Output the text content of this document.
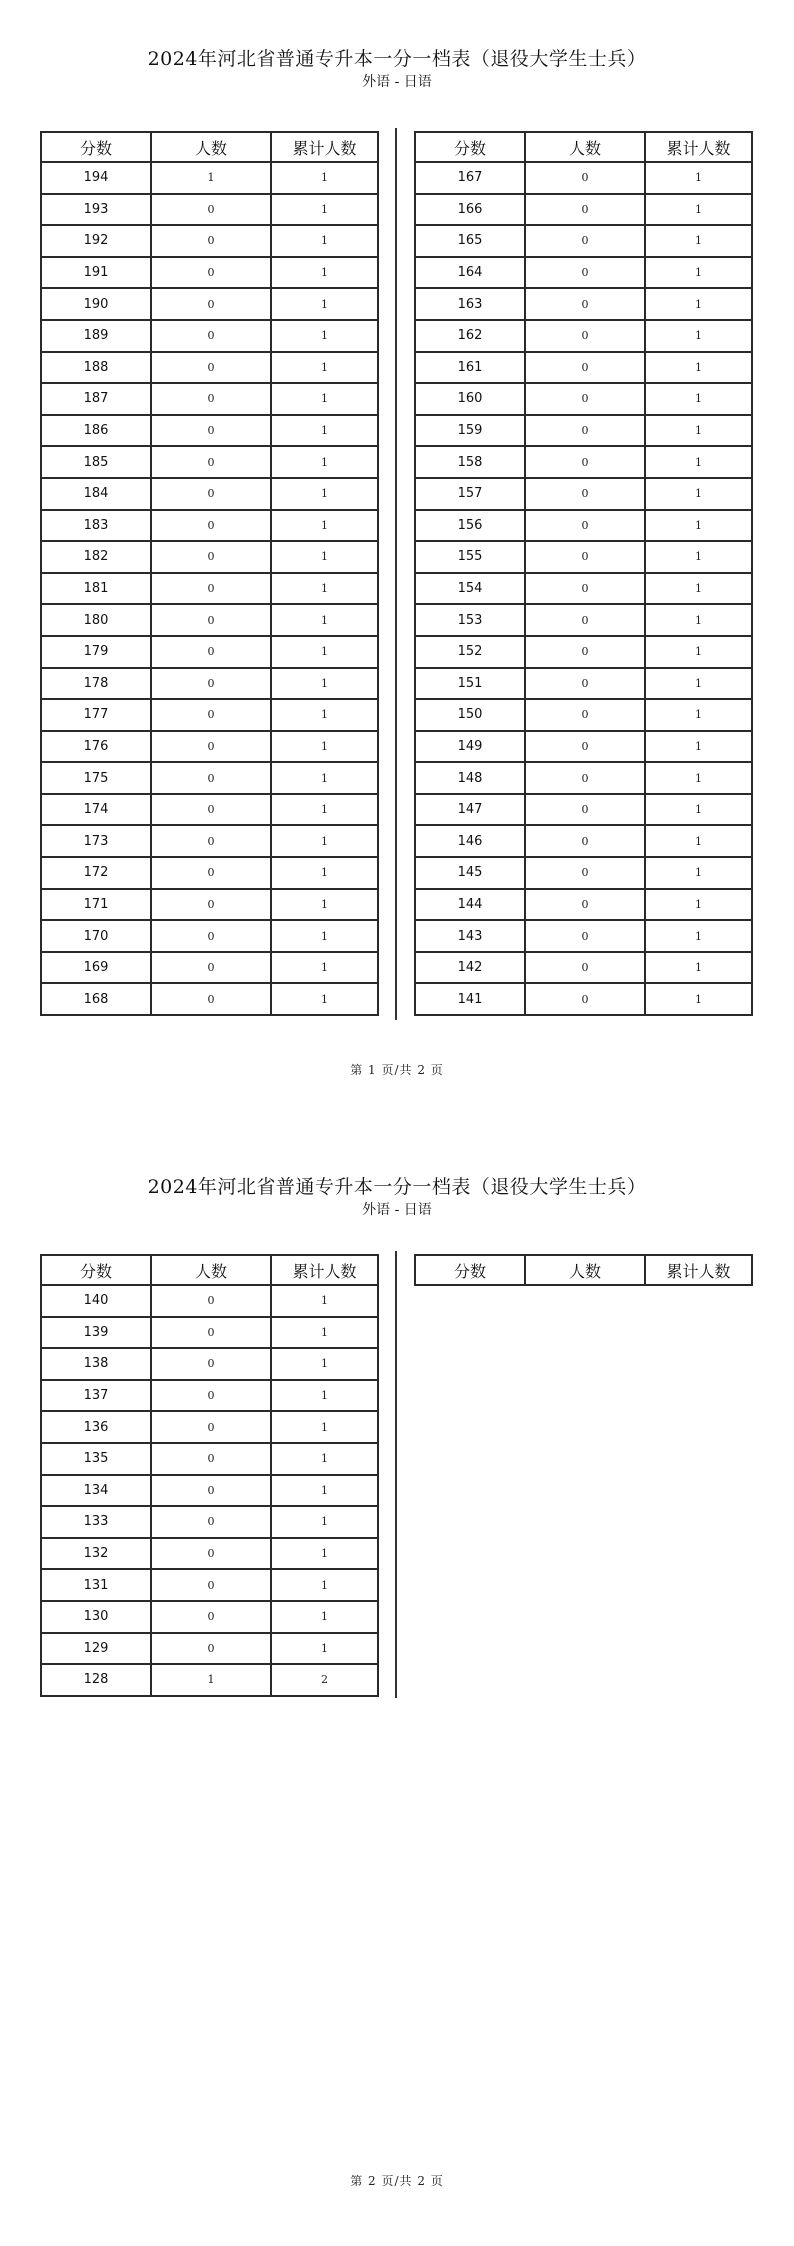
2024年河北省普通专升本一分一档表（退役大学生士兵）
外语 - 日语
分数	人数	累计人数
194	1	1
193	0	1
192	0	1
191	0	1
190	0	1
189	0	1
188	0	1
187	0	1
186	0	1
185	0	1
184	0	1
183	0	1
182	0	1
181	0	1
180	0	1
179	0	1
178	0	1
177	0	1
176	0	1
175	0	1
174	0	1
173	0	1
172	0	1
171	0	1
170	0	1
169	0	1
168	0	1
分数	人数	累计人数
167	0	1
166	0	1
165	0	1
164	0	1
163	0	1
162	0	1
161	0	1
160	0	1
159	0	1
158	0	1
157	0	1
156	0	1
155	0	1
154	0	1
153	0	1
152	0	1
151	0	1
150	0	1
149	0	1
148	0	1
147	0	1
146	0	1
145	0	1
144	0	1
143	0	1
142	0	1
141	0	1
第 1 页/共 2 页
2024年河北省普通专升本一分一档表（退役大学生士兵）
外语 - 日语
分数	人数	累计人数
140	0	1
139	0	1
138	0	1
137	0	1
136	0	1
135	0	1
134	0	1
133	0	1
132	0	1
131	0	1
130	0	1
129	0	1
128	1	2
分数	人数	累计人数
第 2 页/共 2 页
